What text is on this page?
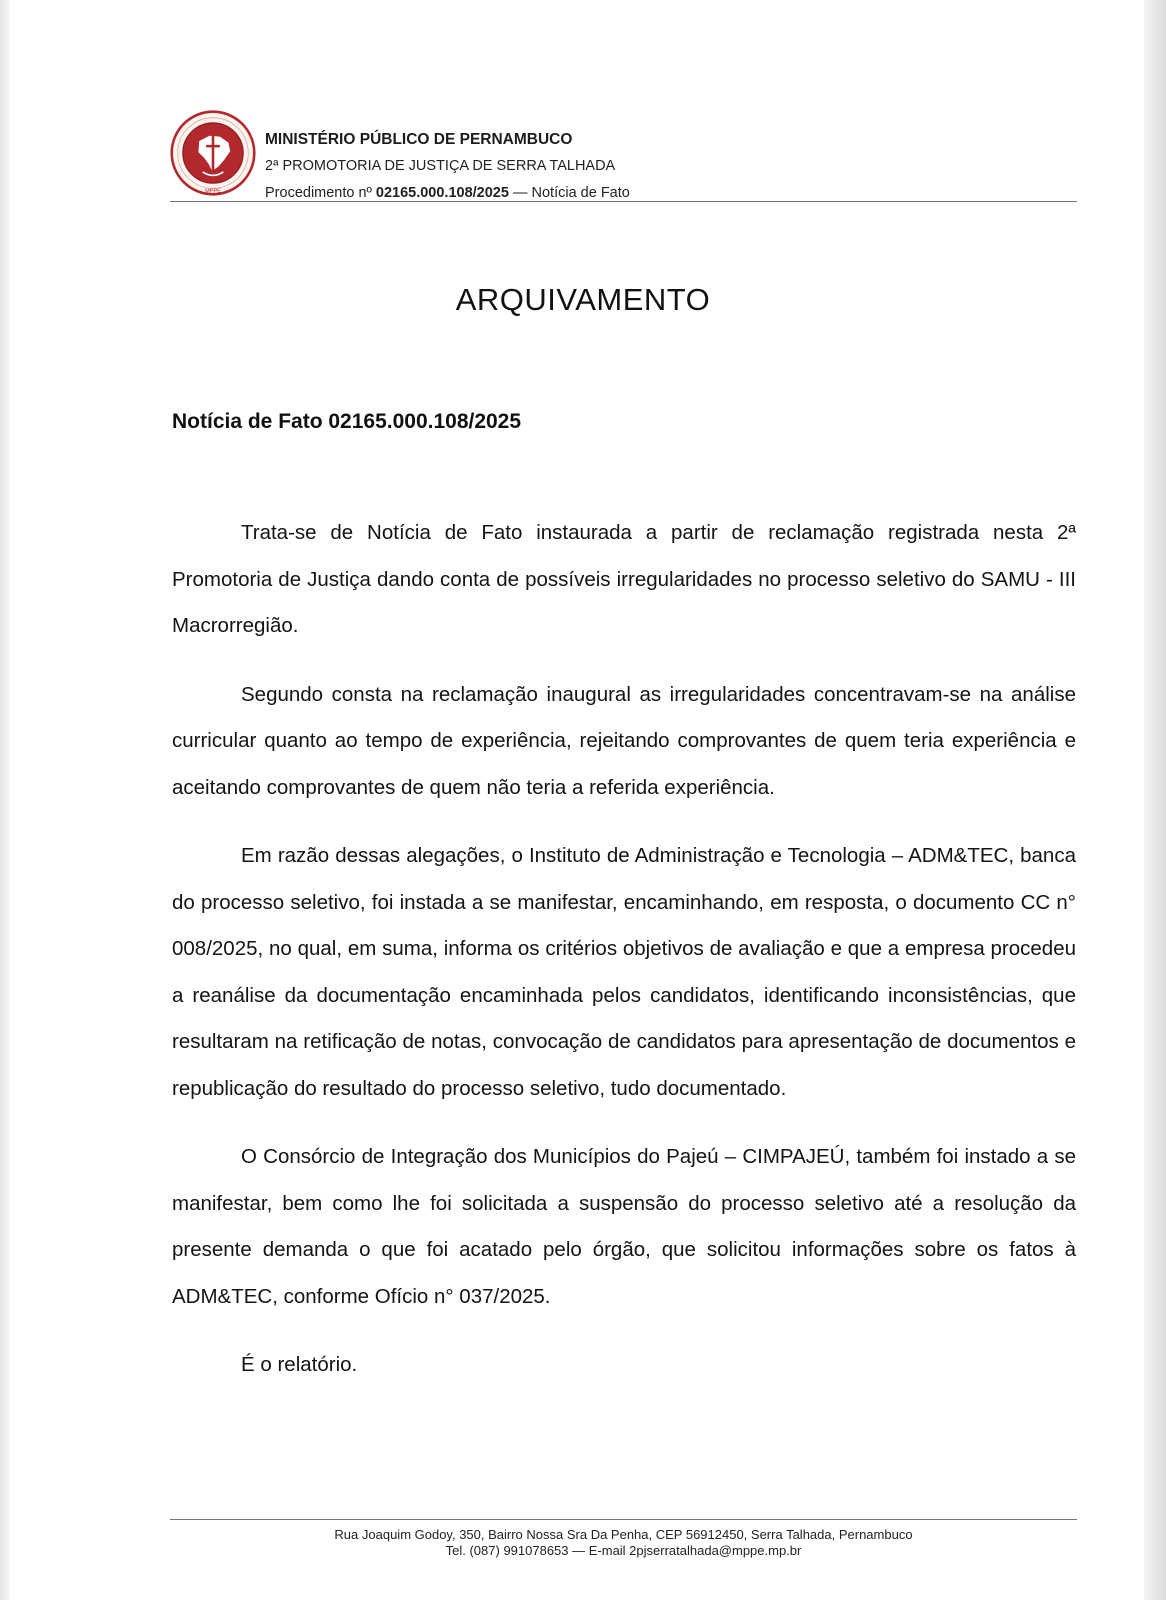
MPPE
MINISTÉRIO PÚBLICO DE PERNAMBUCO
2ª PROMOTORIA DE JUSTIÇA DE SERRA TALHADA
Procedimento nº 02165.000.108/2025 — Notícia de Fato
ARQUIVAMENTO
Notícia de Fato 02165.000.108/2025

Trata-se de Notícia de Fato instaurada a partir de reclamação registrada nesta 2ª Promotoria de Justiça dando conta de possíveis irregularidades no processo seletivo do SAMU - III Macrorregião.

Segundo consta na reclamação inaugural as irregularidades concentravam-se na análise curricular quanto ao tempo de experiência, rejeitando comprovantes de quem teria experiência e aceitando comprovantes de quem não teria a referida experiência.

Em razão dessas alegações, o Instituto de Administração e Tecnologia – ADM&TEC, banca do processo seletivo, foi instada a se manifestar, encaminhando, em resposta, o documento CC n° 008/2025, no qual, em suma, informa os critérios objetivos de avaliação e que a empresa procedeu a reanálise da documentação encaminhada pelos candidatos, identificando inconsistências, que resultaram na retificação de notas, convocação de candidatos para apresentação de documentos e republicação do resultado do processo seletivo, tudo documentado.

O Consórcio de Integração dos Municípios do Pajeú – CIMPAJEÚ, também foi instado a se manifestar, bem como lhe foi solicitada a suspensão do processo seletivo até a resolução da presente demanda o que foi acatado pelo órgão, que solicitou informações sobre os fatos à ADM&TEC, conforme Ofício n° 037/2025.

É o relatório.

Rua Joaquim Godoy, 350, Bairro Nossa Sra Da Penha, CEP 56912450, Serra Talhada, Pernambuco
Tel. (087) 991078653 — E-mail 2pjserratalhada@mppe.mp.br
